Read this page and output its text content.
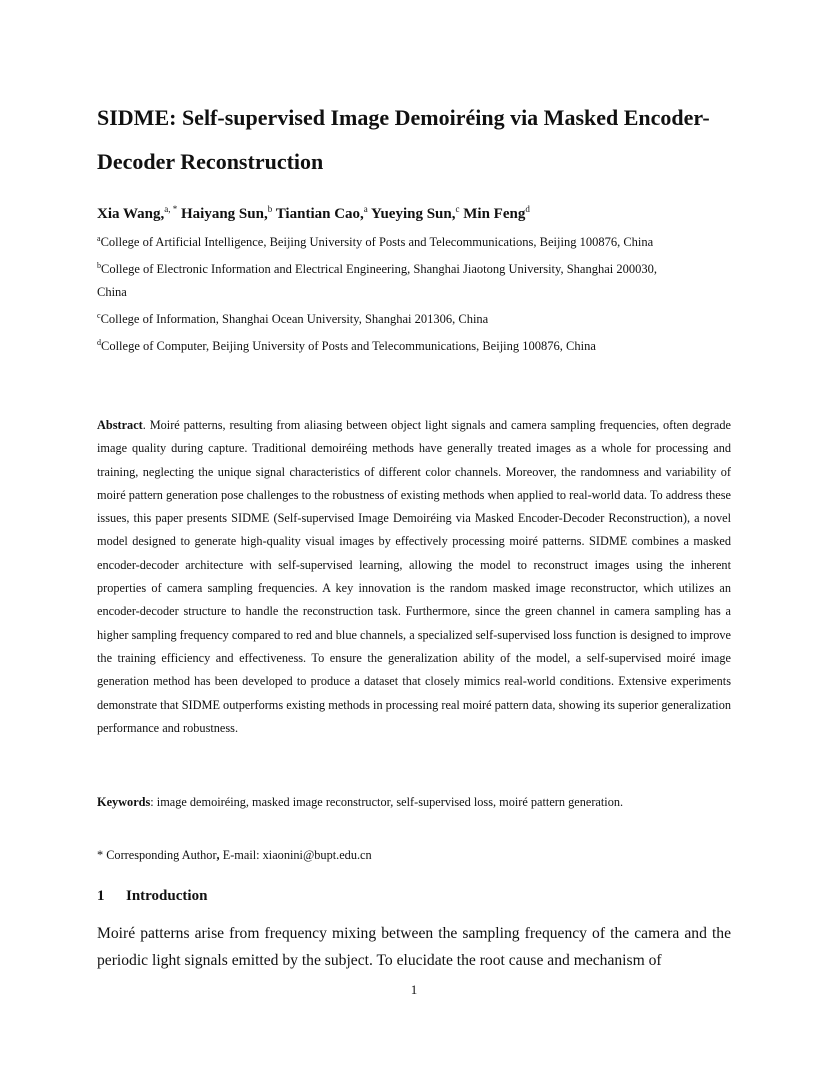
SIDME: Self-supervised Image Demoiréing via Masked Encoder-
Decoder Reconstruction
Xia Wang,$^{a, *}$ Haiyang Sun,$^b$ Tiantian Cao,$^a$ Yueying Sun,$^c$ Min Feng$^d$
$^a$College of Artificial Intelligence, Beijing University of Posts and Telecommunications, Beijing 100876, China
$^b$College of Electronic Information and Electrical Engineering, Shanghai Jiaotong University, Shanghai 200030,
China
$^c$College of Information, Shanghai Ocean University, Shanghai 201306, China
$^d$College of Computer, Beijing University of Posts and Telecommunications, Beijing 100876, China
Abstract. Moiré patterns, resulting from aliasing between object light signals and camera sampling frequencies, often degrade image quality during capture. Traditional demoiréing methods have generally treated images as a whole for processing and training, neglecting the unique signal characteristics of different color channels. Moreover, the randomness and variability of moiré pattern generation pose challenges to the robustness of existing methods when applied to real-world data. To address these issues, this paper presents SIDME (Self-supervised Image Demoiréing via Masked Encoder-Decoder Reconstruction), a novel model designed to generate high-quality visual images by effectively processing moiré patterns. SIDME combines a masked encoder-decoder architecture with self-supervised learning, allowing the model to reconstruct images using the inherent properties of camera sampling frequencies. A key innovation is the random masked image reconstructor, which utilizes an encoder-decoder structure to handle the reconstruction task. Furthermore, since the green channel in camera sampling has a higher sampling frequency compared to red and blue channels, a specialized self-supervised loss function is designed to improve the training efficiency and effectiveness. To ensure the generalization ability of the model, a self-supervised moiré image generation method has been developed to produce a dataset that closely mimics real-world conditions. Extensive experiments demonstrate that SIDME outperforms existing methods in processing real moiré pattern data, showing its superior generalization performance and robustness.
Keywords: image demoiréing, masked image reconstructor, self-supervised loss, moiré pattern generation.
* Corresponding Author, E-mail: xiaonini@bupt.edu.cn
1 Introduction
Moiré patterns arise from frequency mixing between the sampling frequency of the camera and the periodic light signals emitted by the subject. To elucidate the root cause and mechanism of
1
